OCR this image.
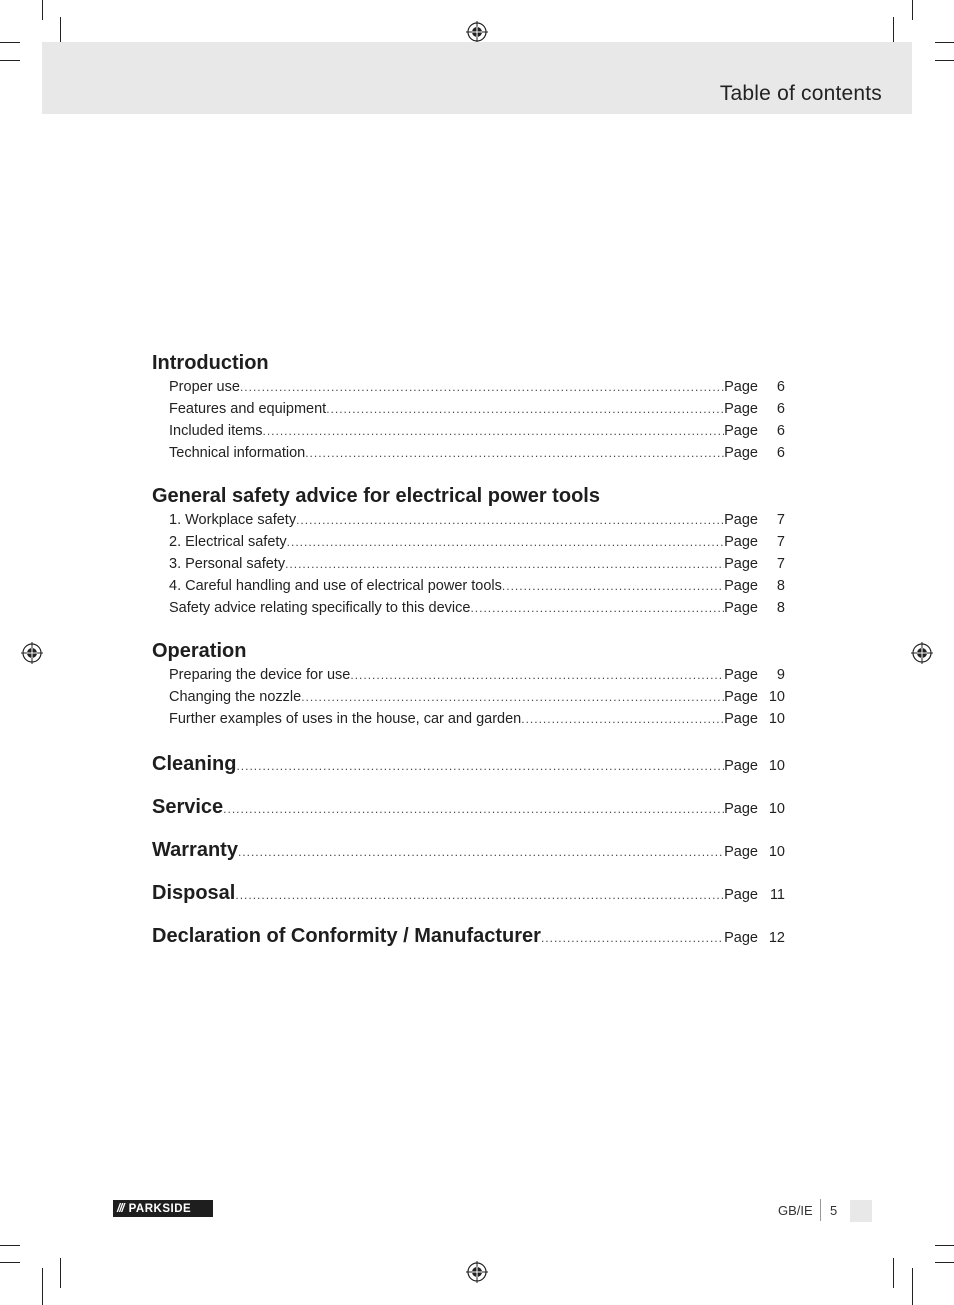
Table of contents
Introduction
Proper use .....	Page 6
Features and equipment .....	Page 6
Included items .....	Page 6
Technical information .....	Page 6
General safety advice for electrical power tools
1. Workplace safety .....	Page 7
2. Electrical safety .....	Page 7
3. Personal safety .....	Page 7
4. Careful handling and use of electrical power tools .....	Page 8
Safety advice relating specifically to this device .....	Page 8
Operation
Preparing the device for use .....	Page 9
Changing the nozzle .....	Page 10
Further examples of uses in the house, car and garden .....	Page 10
Cleaning .....	Page 10
Service .....	Page 10
Warranty .....	Page 10
Disposal .....	Page 11
Declaration of Conformity / Manufacturer .....	Page 12
/// PARKSIDE	GB/IE 5
